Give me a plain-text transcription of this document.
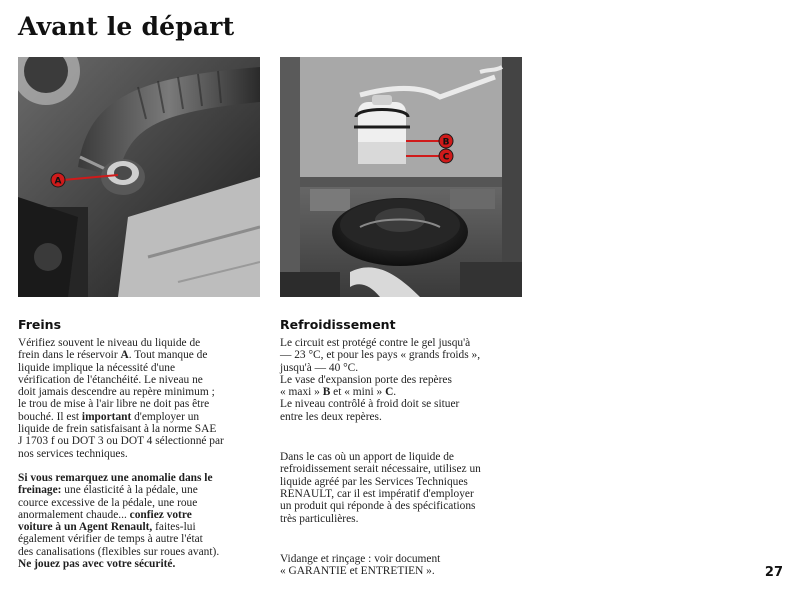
Avant le départ
A
B
C
Freins	Refroidissement
Vérifiez souvent le niveau du liquide de
frein dans le réservoir A. Tout manque de
liquide implique la nécessité d'une
vérification de l'étanchéité. Le niveau ne
doit jamais descendre au repère minimum ;
le trou de mise à l'air libre ne doit pas être
bouché. Il est important d'employer un
liquide de frein satisfaisant à la norme SAE
J 1703 f ou DOT 3 ou DOT 4 sélectionné par
nos services techniques.
Si vous remarquez une anomalie dans le
freinage: une élasticité à la pédale, une
cource excessive de la pédale, une roue
anormalement chaude... confiez votre
voiture à un Agent Renault, faites-lui
également vérifier de temps à autre l'état
des canalisations (flexibles sur roues avant).
Ne jouez pas avec votre sécurité.
Le circuit est protégé contre le gel jusqu'à
— 23 °C, et pour les pays « grands froids »,
jusqu'à — 40 °C.
Le vase d'expansion porte des repères
« maxi » B et « mini » C.
Le niveau contrôlé à froid doit se situer
entre les deux repères.
Dans le cas où un apport de liquide de
refroidissement serait nécessaire, utilisez un
liquide agréé par les Services Techniques
RENAULT, car il est impératif d'employer
un produit qui réponde à des spécifications
très particulières.
Vidange et rinçage : voir document
« GARANTIE et ENTRETIEN ».	27
